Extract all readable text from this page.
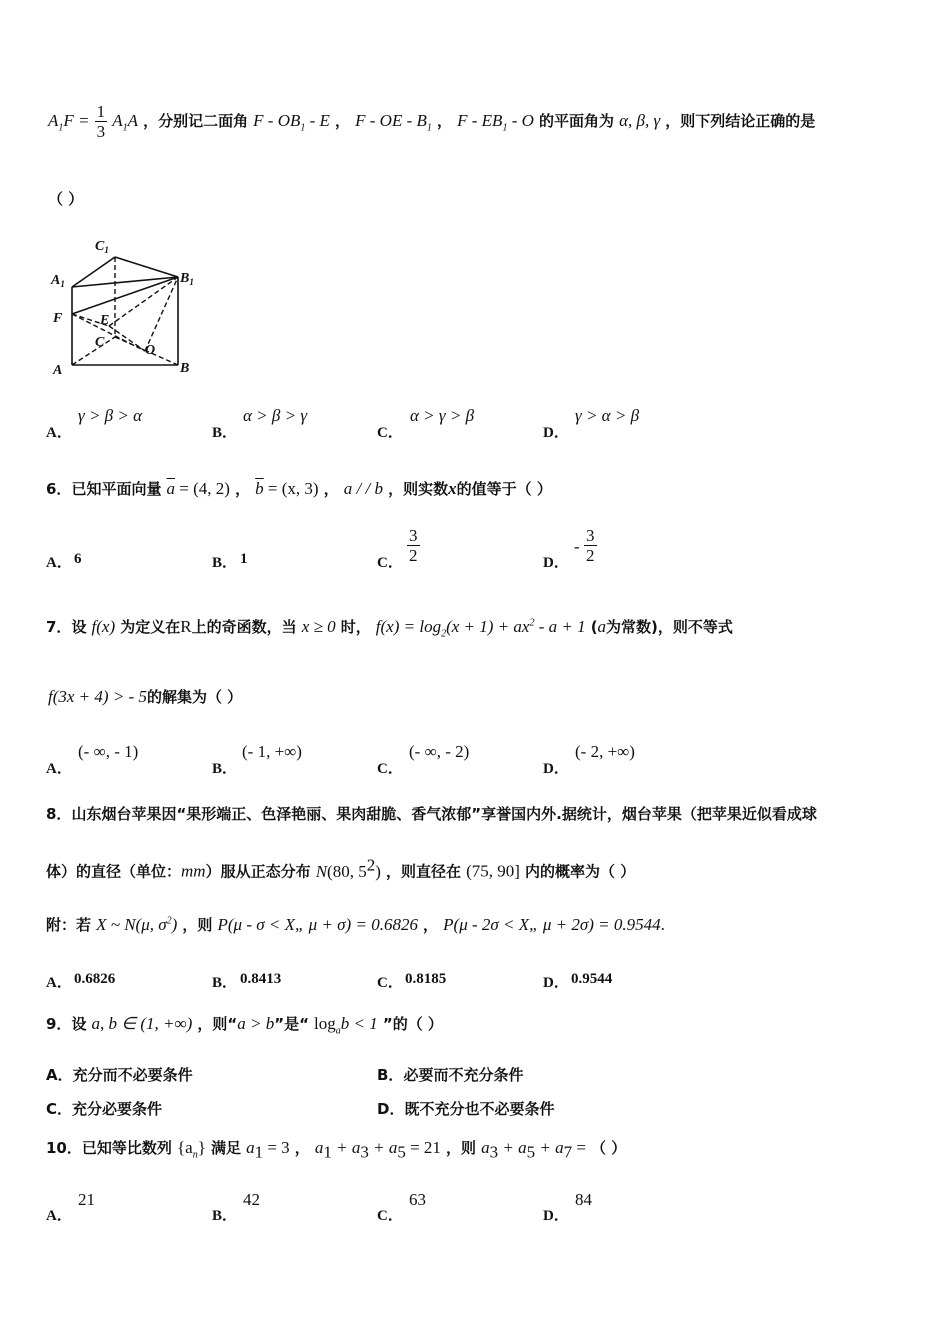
$A_1F = \frac{1}{3} A_1A$ ，分别记二面角 F - $OB_1$ - E ， F - OE - $B_1$ ， F - $EB_1$ - O 的平面角为 α, β, γ ，则下列结论正确的是
（ ）
$C_1$
$A_1$	$B_1$
F	E
C
O
A	B
A．
γ > β > α
B．
α > β > γ
C．
α > γ > β
D．
γ > α > β
6．已知平面向量 $\overline{a} = (4$, 2) ， $\overline{b} = (x$, 3) ， a / / b ，则实数x的值等于（ ）
A． 6	B． 1	C． $\frac{3}{2}$	D．
- $\frac{3}{2}$
7．设 f(x) 为定义在R上的奇函数，当 x ≥ 0 时， $f(x) = \log_2(x + 1) + ax^2 - a + 1$ (a为常数)，则不等式
f(3x + 4) > - 5的解集为（ ）
A．
(- ∞, - 1)
B．
(- 1, +∞)
C．
(- ∞, - 2)
D．
(- 2, +∞)
8．山东烟台苹果因“果形端正、色泽艳丽、果肉甜脆、香气浓郁”享誉国内外.据统计，烟台苹果（把苹果近似看成球
体）的直径（单位：mm）服从正态分布 N(80, $5^2$) ，则直径在 (75, 90] 内的概率为（ ）
附：若 X ~ N(μ, $\sigma^2$) ，则 P(μ - σ < X„ μ + σ) = 0.6826 ， P(μ - 2σ < X„ μ + 2σ) = 0.9544.
A． 0.6826	B． 0.8413	C． 0.8185	D． 0.9544
9．设 a, b ∈ (1, +∞) ，则“a > b”是“ $\log_ab < 1$ ”的（ ）
A．充分而不必要条件	B．必要而不充分条件
C．充分必要条件	D．既不充分也不必要条件
10．已知等比数列 $\{a_n\}$ 满足 $a_1 = 3$ ， $a_1 + a_3 + a_5 = 21$ ，则 $a_3 + a_5 + a_7$ = （ ）
A．
21
B．
42
C．
63
D．
84
